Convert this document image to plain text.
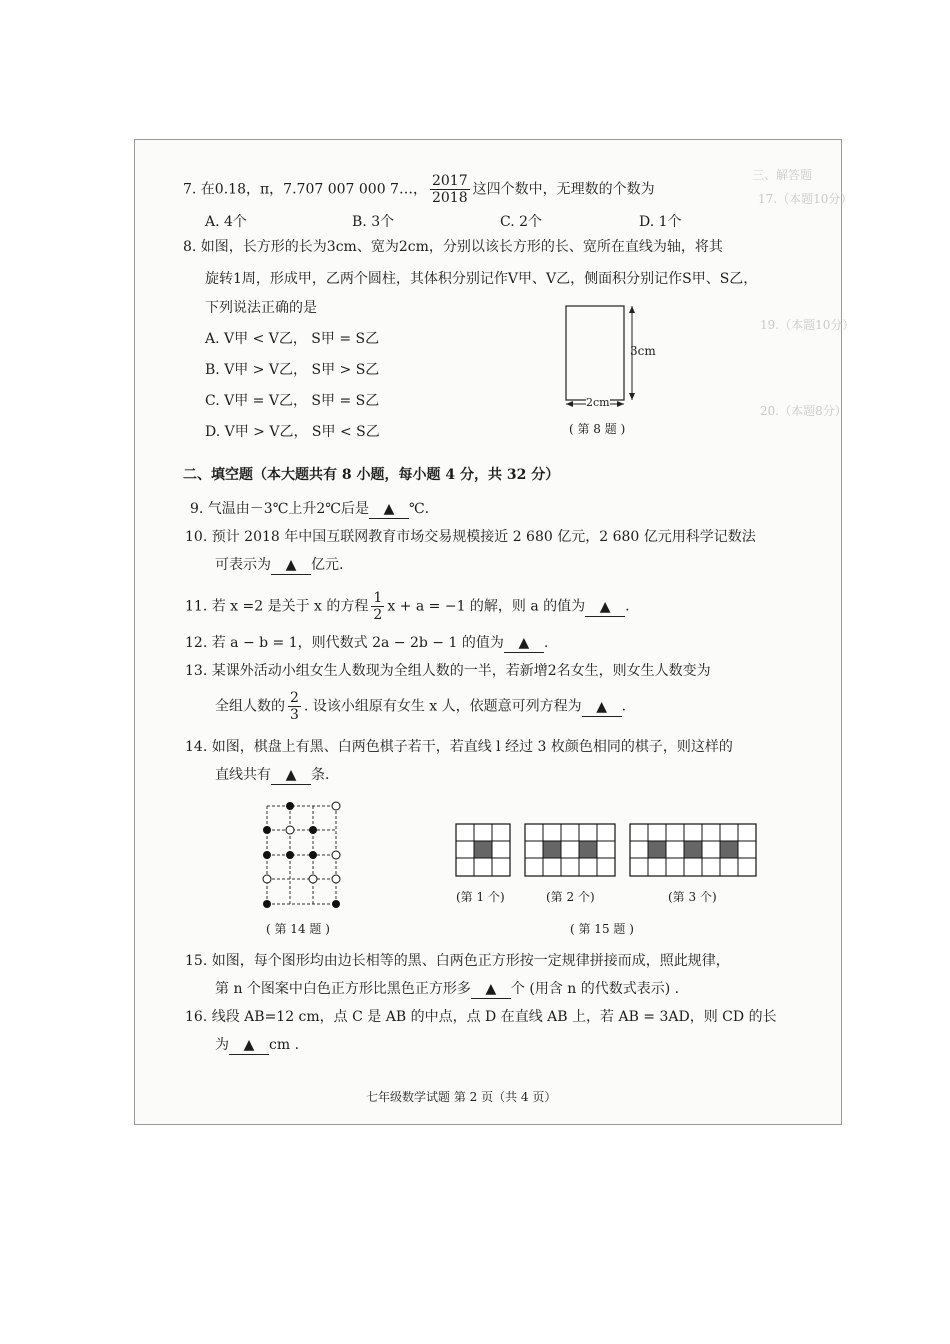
三、解答题
17.（本题10分）
19.（本题10分）
20.（本题8分）
7. 在0.18，π，7.707 007 000 7…， $\frac{2017}{2018}$ 这四个数中，无理数的个数为
A. 4个	B. 3个	C. 2个	D. 1个
8. 如图，长方形的长为3cm、宽为2cm，分别以该长方形的长、宽所在直线为轴，将其
旋转1周，形成甲，乙两个圆柱，其体积分别记作V甲、V乙，侧面积分别记作S甲、S乙，
下列说法正确的是
A. V甲 < V乙， S甲 = S乙
B. V甲 > V乙， S甲 > S乙
C. V甲 = V乙， S甲 = S乙
D. V甲 > V乙， S甲 < S乙
3cm
2cm
( 第 8 题 )
二、填空题（本大题共有 8 小题，每小题 4 分，共 32 分）
9. 气温由－3℃上升2℃后是 ▲ ℃.
10. 预计 2018 年中国互联网教育市场交易规模接近 2 680 亿元，2 680 亿元用科学记数法
可表示为 ▲ 亿元.
11. 若 x =2 是关于 x 的方程 $\frac{1}{2}$ x + a = −1 的解，则 a 的值为 ▲ .
12. 若 a − b = 1，则代数式 2a − 2b − 1 的值为 ▲ .
13. 某课外活动小组女生人数现为全组人数的一半，若新增2名女生，则女生人数变为
全组人数的 $\frac{2}{3}$ . 设该小组原有女生 x 人，依题意可列方程为 ▲ .
14. 如图，棋盘上有黑、白两色棋子若干，若直线 l 经过 3 枚颜色相同的棋子，则这样的
直线共有 ▲ 条.
( 第 14 题 )
(第 1 个)	(第 2 个)	(第 3 个)
( 第 15 题 )
15. 如图，每个图形均由边长相等的黑、白两色正方形按一定规律拼接而成，照此规律，
第 n 个图案中白色正方形比黑色正方形多 ▲ 个 (用含 n 的代数式表示) .
16. 线段 AB=12 cm，点 C 是 AB 的中点，点 D 在直线 AB 上，若 AB = 3AD，则 CD 的长
为 ▲ cm .
七年级数学试题 第 2 页（共 4 页）
